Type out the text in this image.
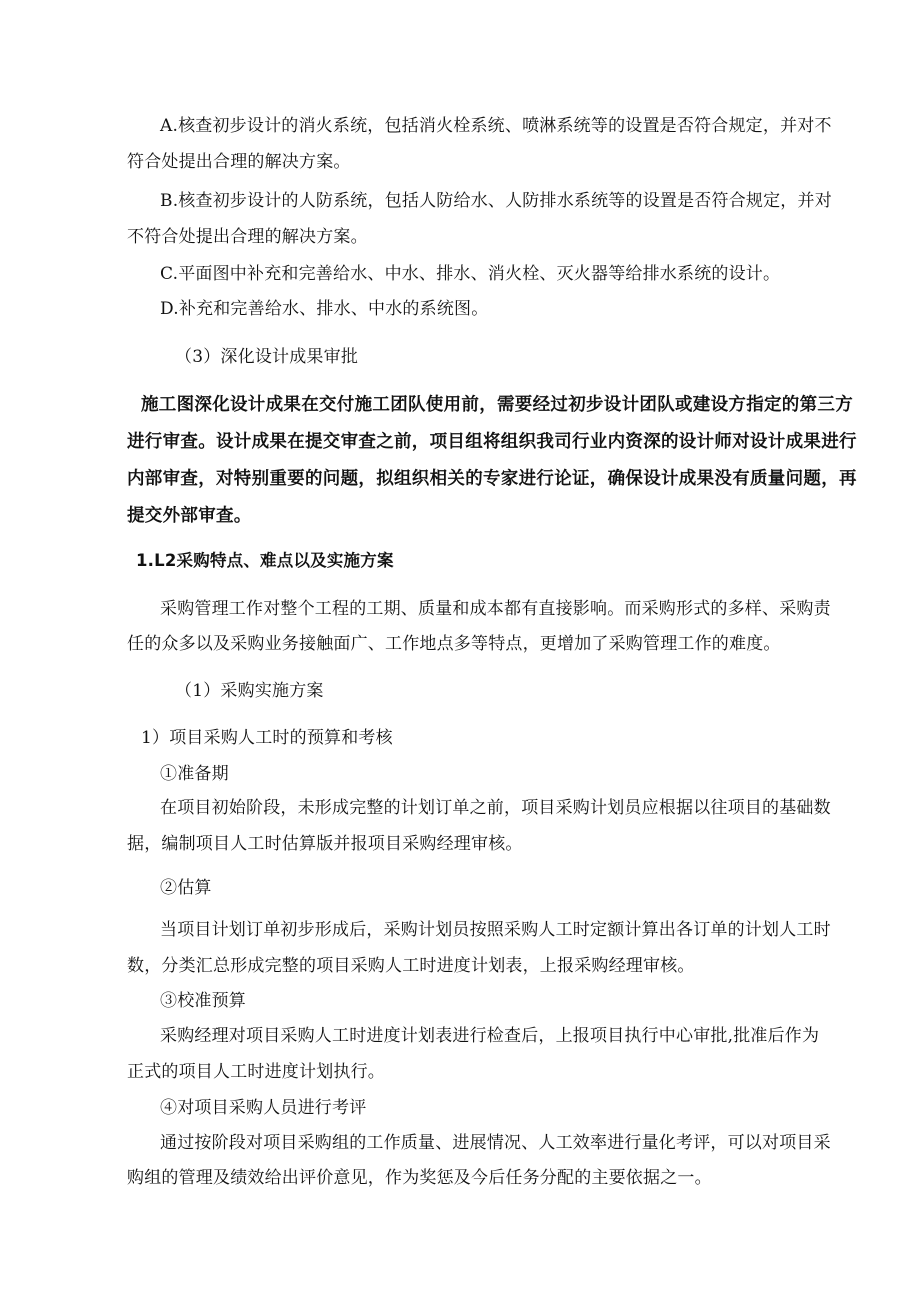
A.核查初步设计的消火系统，包括消火栓系统、喷淋系统等的设置是否符合规定，并对不
符合处提出合理的解决方案。
B.核查初步设计的人防系统，包括人防给水、人防排水系统等的设置是否符合规定，并对
不符合处提出合理的解决方案。
C.平面图中补充和完善给水、中水、排水、消火栓、灭火器等给排水系统的设计。
D.补充和完善给水、排水、中水的系统图。
（3）深化设计成果审批
施工图深化设计成果在交付施工团队使用前，需要经过初步设计团队或建设方指定的第三方
进行审查。设计成果在提交审查之前，项目组将组织我司行业内资深的设计师对设计成果进行
内部审查，对特别重要的问题，拟组织相关的专家进行论证，确保设计成果没有质量问题，再
提交外部审查。
1.L2采购特点、难点以及实施方案
采购管理工作对整个工程的工期、质量和成本都有直接影响。而采购形式的多样、采购责
任的众多以及采购业务接触面广、工作地点多等特点，更增加了采购管理工作的难度。
（1）采购实施方案
1）项目采购人工时的预算和考核
①准备期
在项目初始阶段，未形成完整的计划订单之前，项目采购计划员应根据以往项目的基础数
据，编制项目人工时估算版并报项目采购经理审核。
②估算
当项目计划订单初步形成后，采购计划员按照采购人工时定额计算出各订单的计划人工时
数，分类汇总形成完整的项目采购人工时进度计划表，上报采购经理审核。
③校准预算
采购经理对项目采购人工时进度计划表进行检查后，上报项目执行中心审批,批准后作为
正式的项目人工时进度计划执行。
④对项目采购人员进行考评
通过按阶段对项目采购组的工作质量、进展情况、人工效率进行量化考评，可以对项目采
购组的管理及绩效给出评价意见，作为奖惩及今后任务分配的主要依据之一。
